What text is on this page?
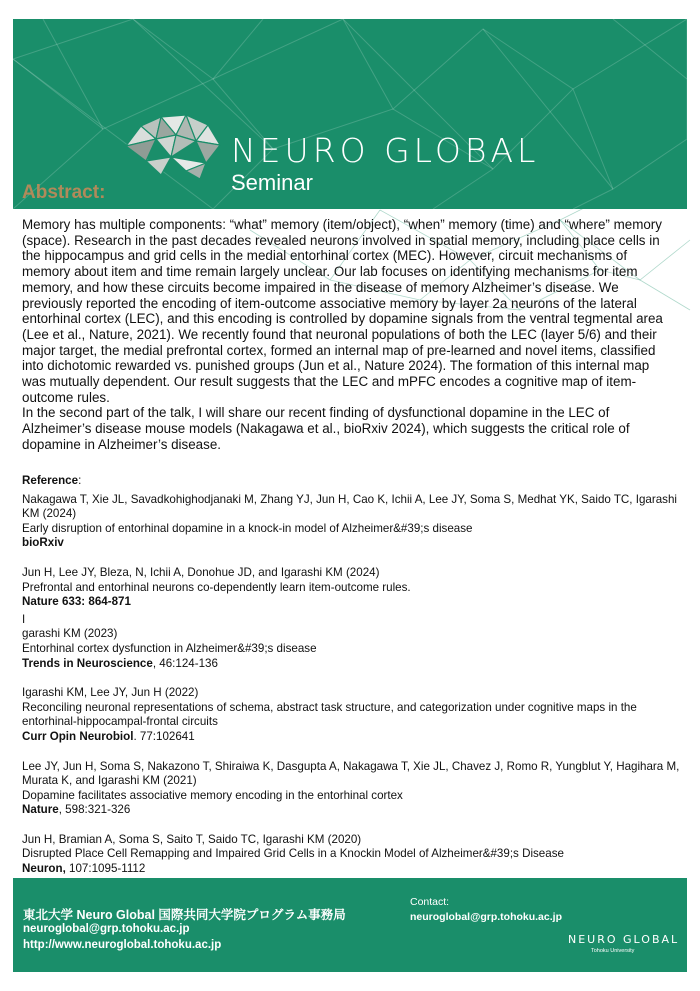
NEURO GLOBAL
Seminar
Abstract:

Memory has multiple components: “what” memory (item/object), “when” memory (time) and “where” memory (space). Research in the past decades revealed neurons involved in spatial memory, including place cells in the hippocampus and grid cells in the medial entorhinal cortex (MEC). However, circuit mechanisms of memory about item and time remain largely unclear. Our lab focuses on identifying mechanisms for item memory, and how these circuits become impaired in the disease of memory Alzheimer’s disease. We previously reported the encoding of item-outcome associative memory by layer 2a neurons of the lateral entorhinal cortex (LEC), and this encoding is controlled by dopamine signals from the ventral tegmental area (Lee et al., Nature, 2021). We recently found that neuronal populations of both the LEC (layer 5/6) and their major target, the medial prefrontal cortex, formed an internal map of pre-learned and novel items, classified into dichotomic rewarded vs. punished groups (Jun et al., Nature 2024). The formation of this internal map was mutually dependent. Our result suggests that the LEC and mPFC encodes a cognitive map of item-outcome rules.

In the second part of the talk, I will share our recent finding of dysfunctional dopamine in the LEC of Alzheimer’s disease mouse models (Nakagawa et al., bioRxiv 2024), which suggests the critical role of dopamine in Alzheimer’s disease.

Reference:
Nakagawa T, Xie JL, Savadkohighodjanaki M, Zhang YJ, Jun H, Cao K, Ichii A, Lee JY, Soma S, Medhat YK, Saido TC, Igarashi KM (2024)
Early disruption of entorhinal dopamine in a knock-in model of Alzheimer&#39;s disease
bioRxiv
Jun H, Lee JY, Bleza, N, Ichii A, Donohue JD, and Igarashi KM (2024)
Prefrontal and entorhinal neurons co-dependently learn item-outcome rules.
Nature 633: 864-871
I
garashi KM (2023)
Entorhinal cortex dysfunction in Alzheimer&#39;s disease
Trends in Neuroscience, 46:124-136
Igarashi KM, Lee JY, Jun H (2022)
Reconciling neuronal representations of schema, abstract task structure, and categorization under cognitive maps in the entorhinal-hippocampal-frontal circuits
Curr Opin Neurobiol. 77:102641
Lee JY, Jun H, Soma S, Nakazono T, Shiraiwa K, Dasgupta A, Nakagawa T, Xie JL, Chavez J, Romo R, Yungblut Y, Hagihara M, Murata K, and Igarashi KM (2021)
Dopamine facilitates associative memory encoding in the entorhinal cortex
Nature, 598:321-326
Jun H, Bramian A, Soma S, Saito T, Saido TC, Igarashi KM (2020)
Disrupted Place Cell Remapping and Impaired Grid Cells in a Knockin Model of Alzheimer&#39;s Disease
Neuron, 107:1095-1112
東北大学 Neuro Global 国際共同大学院プログラム事務局
neuroglobal@grp.tohoku.ac.jp
http://www.neuroglobal.tohoku.ac.jp
Contact:
neuroglobal@grp.tohoku.ac.jp
NEURO GLOBAL
Tohoku University
